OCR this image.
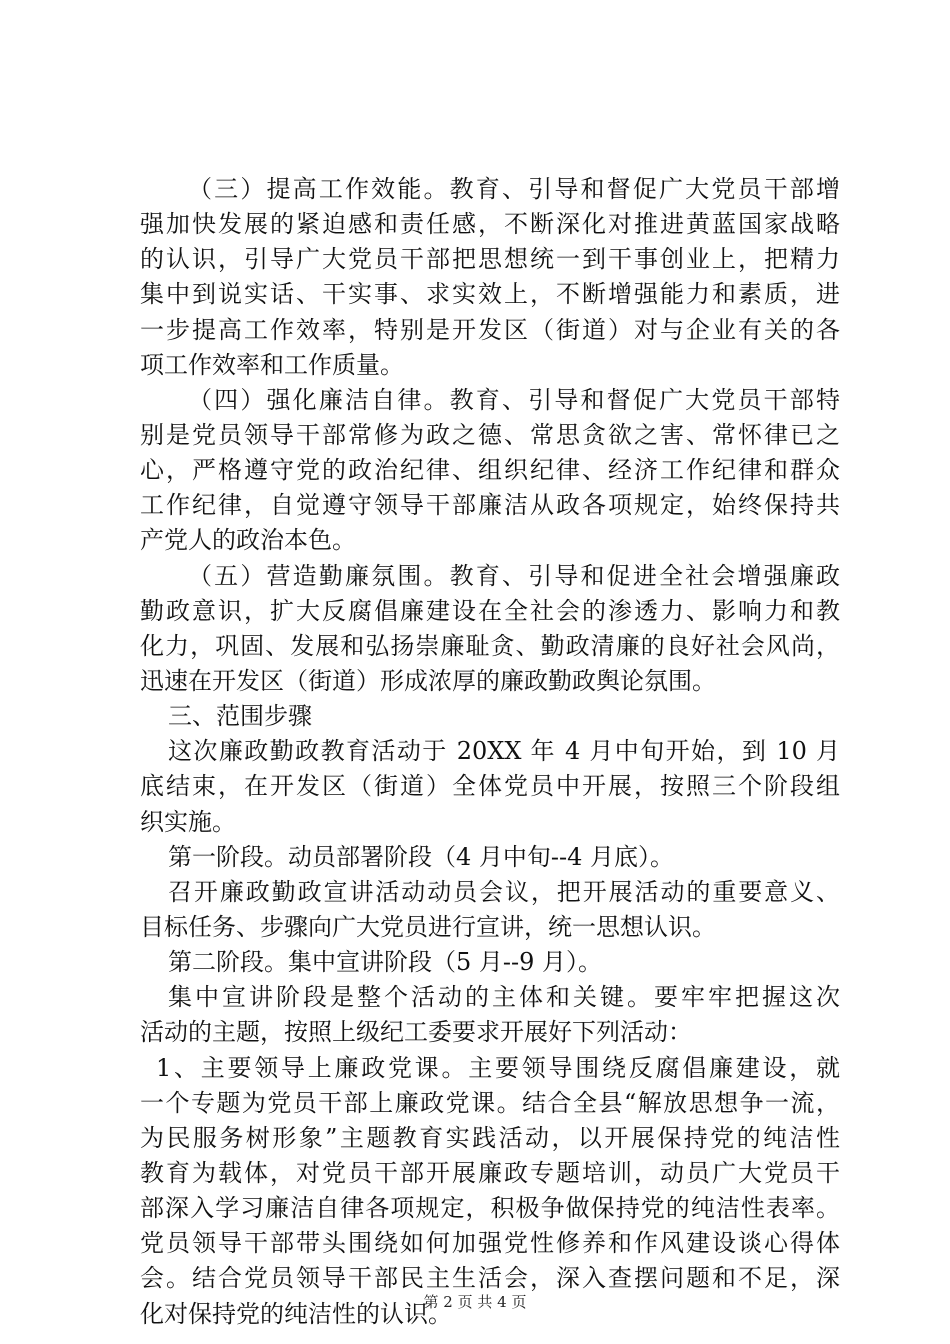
（三）提高工作效能。教育、引导和督促广大党员干部增
强加快发展的紧迫感和责任感，不断深化对推进黄蓝国家战略
的认识，引导广大党员干部把思想统一到干事创业上，把精力
集中到说实话、干实事、求实效上，不断增强能力和素质，进
一步提高工作效率，特别是开发区（街道）对与企业有关的各
项工作效率和工作质量。
（四）强化廉洁自律。教育、引导和督促广大党员干部特
别是党员领导干部常修为政之德、常思贪欲之害、常怀律已之
心，严格遵守党的政治纪律、组织纪律、经济工作纪律和群众
工作纪律，自觉遵守领导干部廉洁从政各项规定，始终保持共
产党人的政治本色。
（五）营造勤廉氛围。教育、引导和促进全社会增强廉政
勤政意识，扩大反腐倡廉建设在全社会的渗透力、影响力和教
化力，巩固、发展和弘扬崇廉耻贪、勤政清廉的良好社会风尚，
迅速在开发区（街道）形成浓厚的廉政勤政舆论氛围。
三、范围步骤
这次廉政勤政教育活动于 20XX 年 4 月中旬开始，到 10 月
底结束，在开发区（街道）全体党员中开展，按照三个阶段组
织实施。
第一阶段。动员部署阶段（4 月中旬--4 月底）。
召开廉政勤政宣讲活动动员会议，把开展活动的重要意义、
目标任务、步骤向广大党员进行宣讲，统一思想认识。
第二阶段。集中宣讲阶段（5 月--9 月）。
集中宣讲阶段是整个活动的主体和关键。要牢牢把握这次
活动的主题，按照上级纪工委要求开展好下列活动：
1、主要领导上廉政党课。主要领导围绕反腐倡廉建设，就
一个专题为党员干部上廉政党课。结合全县“解放思想争一流，
为民服务树形象”主题教育实践活动，以开展保持党的纯洁性
教育为载体，对党员干部开展廉政专题培训，动员广大党员干
部深入学习廉洁自律各项规定，积极争做保持党的纯洁性表率。
党员领导干部带头围绕如何加强党性修养和作风建设谈心得体
会。结合党员领导干部民主生活会，深入查摆问题和不足，深
化对保持党的纯洁性的认识。
第 2 页 共 4 页
